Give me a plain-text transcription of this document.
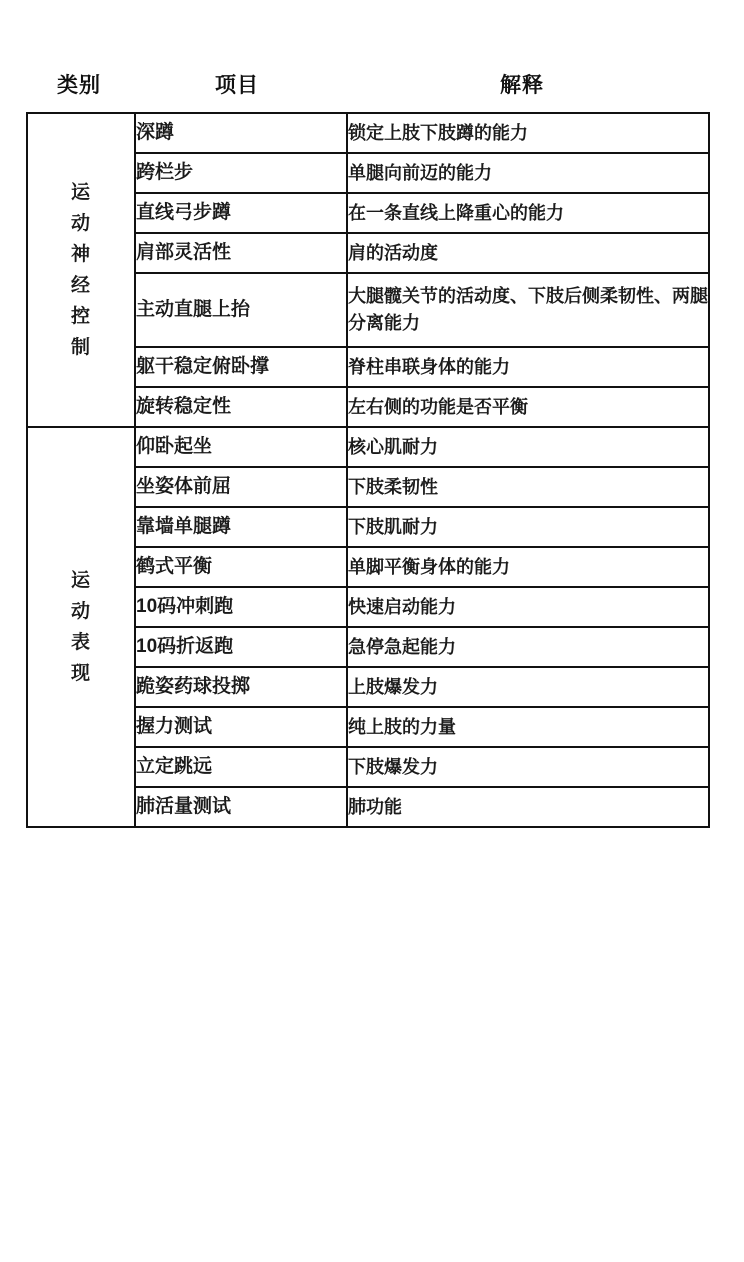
类别	项目	解释
运动神经控制	深蹲	锁定上肢下肢蹲的能力
	跨栏步	单腿向前迈的能力
	直线弓步蹲	在一条直线上降重心的能力
	肩部灵活性	肩的活动度
	主动直腿上抬	大腿髋关节的活动度、下肢后侧柔韧性、两腿分离能力
	躯干稳定俯卧撑	脊柱串联身体的能力
	旋转稳定性	左右侧的功能是否平衡
运动表现	仰卧起坐	核心肌耐力
	坐姿体前屈	下肢柔韧性
	靠墙单腿蹲	下肢肌耐力
	鹤式平衡	单脚平衡身体的能力
	10码冲刺跑	快速启动能力
	10码折返跑	急停急起能力
	跪姿药球投掷	上肢爆发力
	握力测试	纯上肢的力量
	立定跳远	下肢爆发力
	肺活量测试	肺功能
